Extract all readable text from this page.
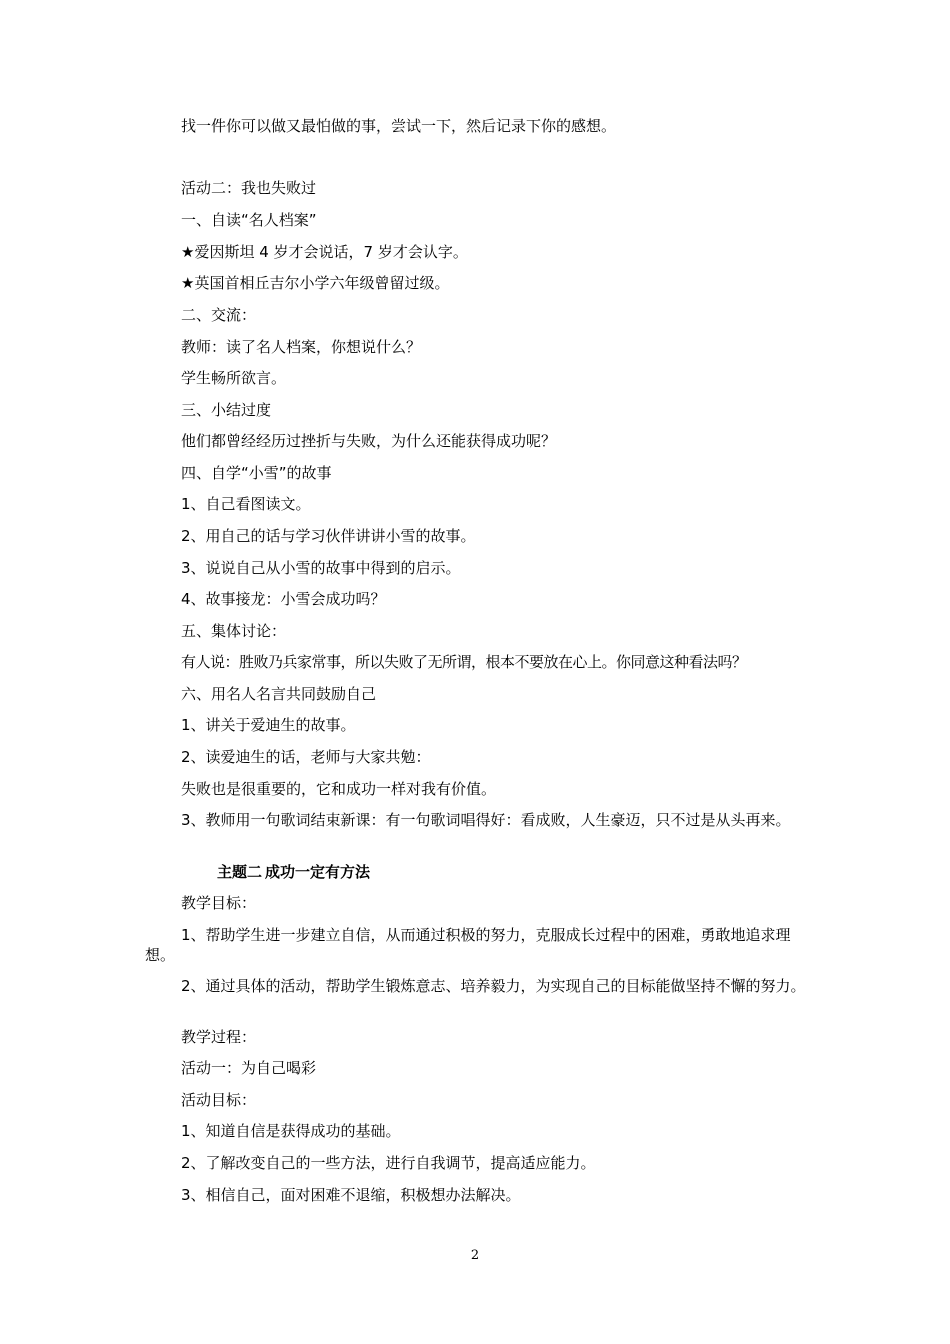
找一件你可以做又最怕做的事，尝试一下，然后记录下你的感想。

活动二：我也失败过

一、自读“名人档案”

★爱因斯坦 4 岁才会说话，7 岁才会认字。

★英国首相丘吉尔小学六年级曾留过级。

二、交流：

教师：读了名人档案，你想说什么？

学生畅所欲言。

三、小结过度

他们都曾经经历过挫折与失败，为什么还能获得成功呢？

四、自学“小雪”的故事

1、自己看图读文。

2、用自己的话与学习伙伴讲讲小雪的故事。

3、说说自己从小雪的故事中得到的启示。

4、故事接龙：小雪会成功吗？

五、集体讨论：

有人说：胜败乃兵家常事，所以失败了无所谓，根本不要放在心上。你同意这种看法吗？

六、用名人名言共同鼓励自己

1、讲关于爱迪生的故事。

2、读爱迪生的话，老师与大家共勉：

失败也是很重要的，它和成功一样对我有价值。

3、教师用一句歌词结束新课：有一句歌词唱得好：看成败，人生豪迈，只不过是从头再来。

主题二 成功一定有方法

教学目标：

1、帮助学生进一步建立自信，从而通过积极的努力，克服成长过程中的困难，勇敢地追求理想。

2、通过具体的活动，帮助学生锻炼意志、培养毅力，为实现自己的目标能做坚持不懈的努力。

教学过程：

活动一：为自己喝彩

活动目标：

1、知道自信是获得成功的基础。

2、了解改变自己的一些方法，进行自我调节，提高适应能力。

3、相信自己，面对困难不退缩，积极想办法解决。

2
